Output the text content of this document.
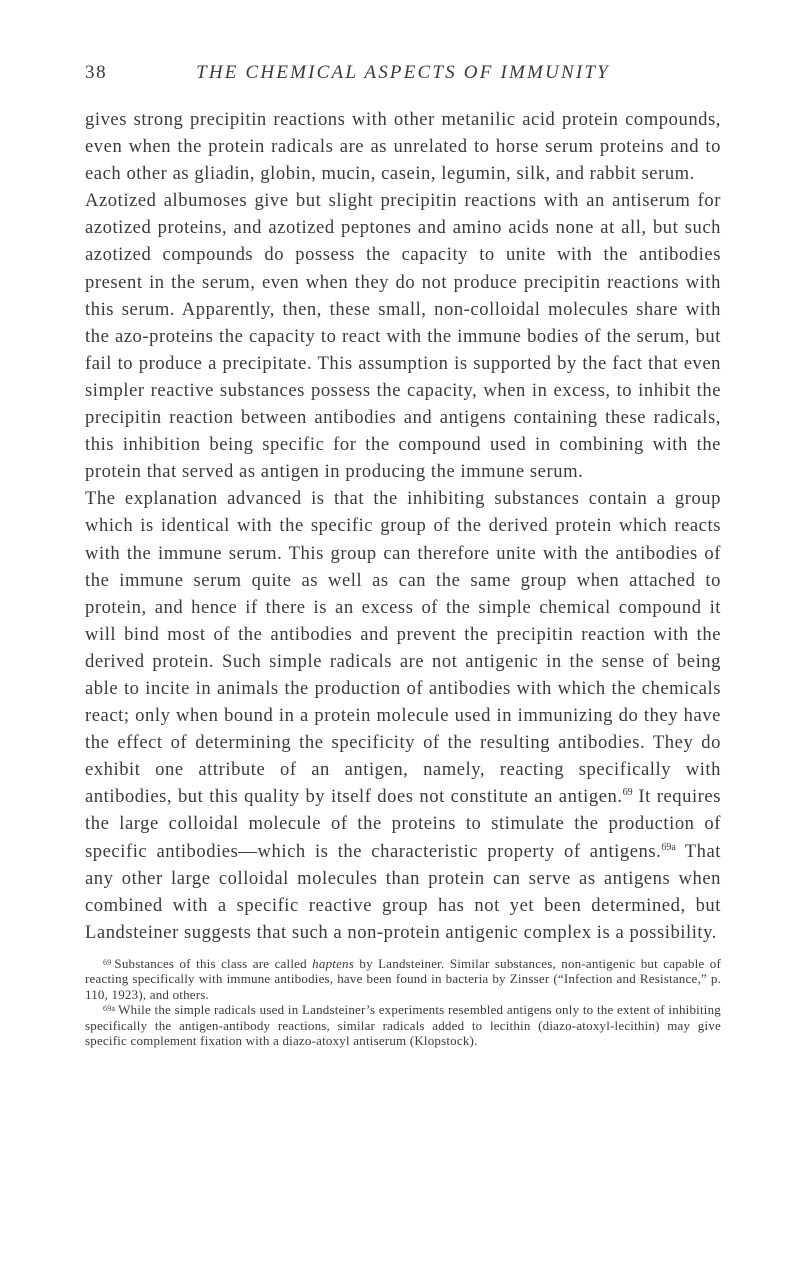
38	THE CHEMICAL ASPECTS OF IMMUNITY

gives strong precipitin reactions with other metanilic acid protein compounds, even when the protein radicals are as unrelated to horse serum proteins and to each other as gliadin, globin, mucin, casein, legumin, silk, and rabbit serum.

Azotized albumoses give but slight precipitin reactions with an antiserum for azotized proteins, and azotized peptones and amino acids none at all, but such azotized compounds do possess the capacity to unite with the antibodies present in the serum, even when they do not produce precipitin reactions with this serum. Apparently, then, these small, non-colloidal molecules share with the azo-proteins the capacity to react with the immune bodies of the serum, but fail to produce a precipitate. This assumption is supported by the fact that even simpler reactive substances possess the capacity, when in excess, to inhibit the precipitin reaction between antibodies and antigens containing these radicals, this inhibition being specific for the compound used in combining with the protein that served as antigen in producing the immune serum.

The explanation advanced is that the inhibiting substances contain a group which is identical with the specific group of the derived protein which reacts with the immune serum. This group can therefore unite with the antibodies of the immune serum quite as well as can the same group when attached to protein, and hence if there is an excess of the simple chemical compound it will bind most of the antibodies and prevent the precipitin reaction with the derived protein. Such simple radicals are not antigenic in the sense of being able to incite in animals the production of antibodies with which the chemicals react; only when bound in a protein molecule used in immunizing do they have the effect of determining the specificity of the resulting antibodies. They do exhibit one attribute of an antigen, namely, reacting specifically with antibodies, but this quality by itself does not constitute an antigen.$^{69}$ It requires the large colloidal molecule of the proteins to stimulate the production of specific antibodies—which is the characteristic property of antigens.$^{69a}$ That any other large colloidal molecules than protein can serve as antigens when combined with a specific reactive group has not yet been determined, but Landsteiner suggests that such a non-protein antigenic complex is a possibility.

$^{69}$ Substances of this class are called haptens by Landsteiner. Similar substances, non-antigenic but capable of reacting specifically with immune antibodies, have been found in bacteria by Zinsser (“Infection and Resistance,” p. 110, 1923), and others.

$^{69a}$ While the simple radicals used in Landsteiner’s experiments resembled antigens only to the extent of inhibiting specifically the antigen-antibody reactions, similar radicals added to lecithin (diazo-atoxyl-lecithin) may give specific complement fixation with a diazo-atoxyl antiserum (Klopstock).
